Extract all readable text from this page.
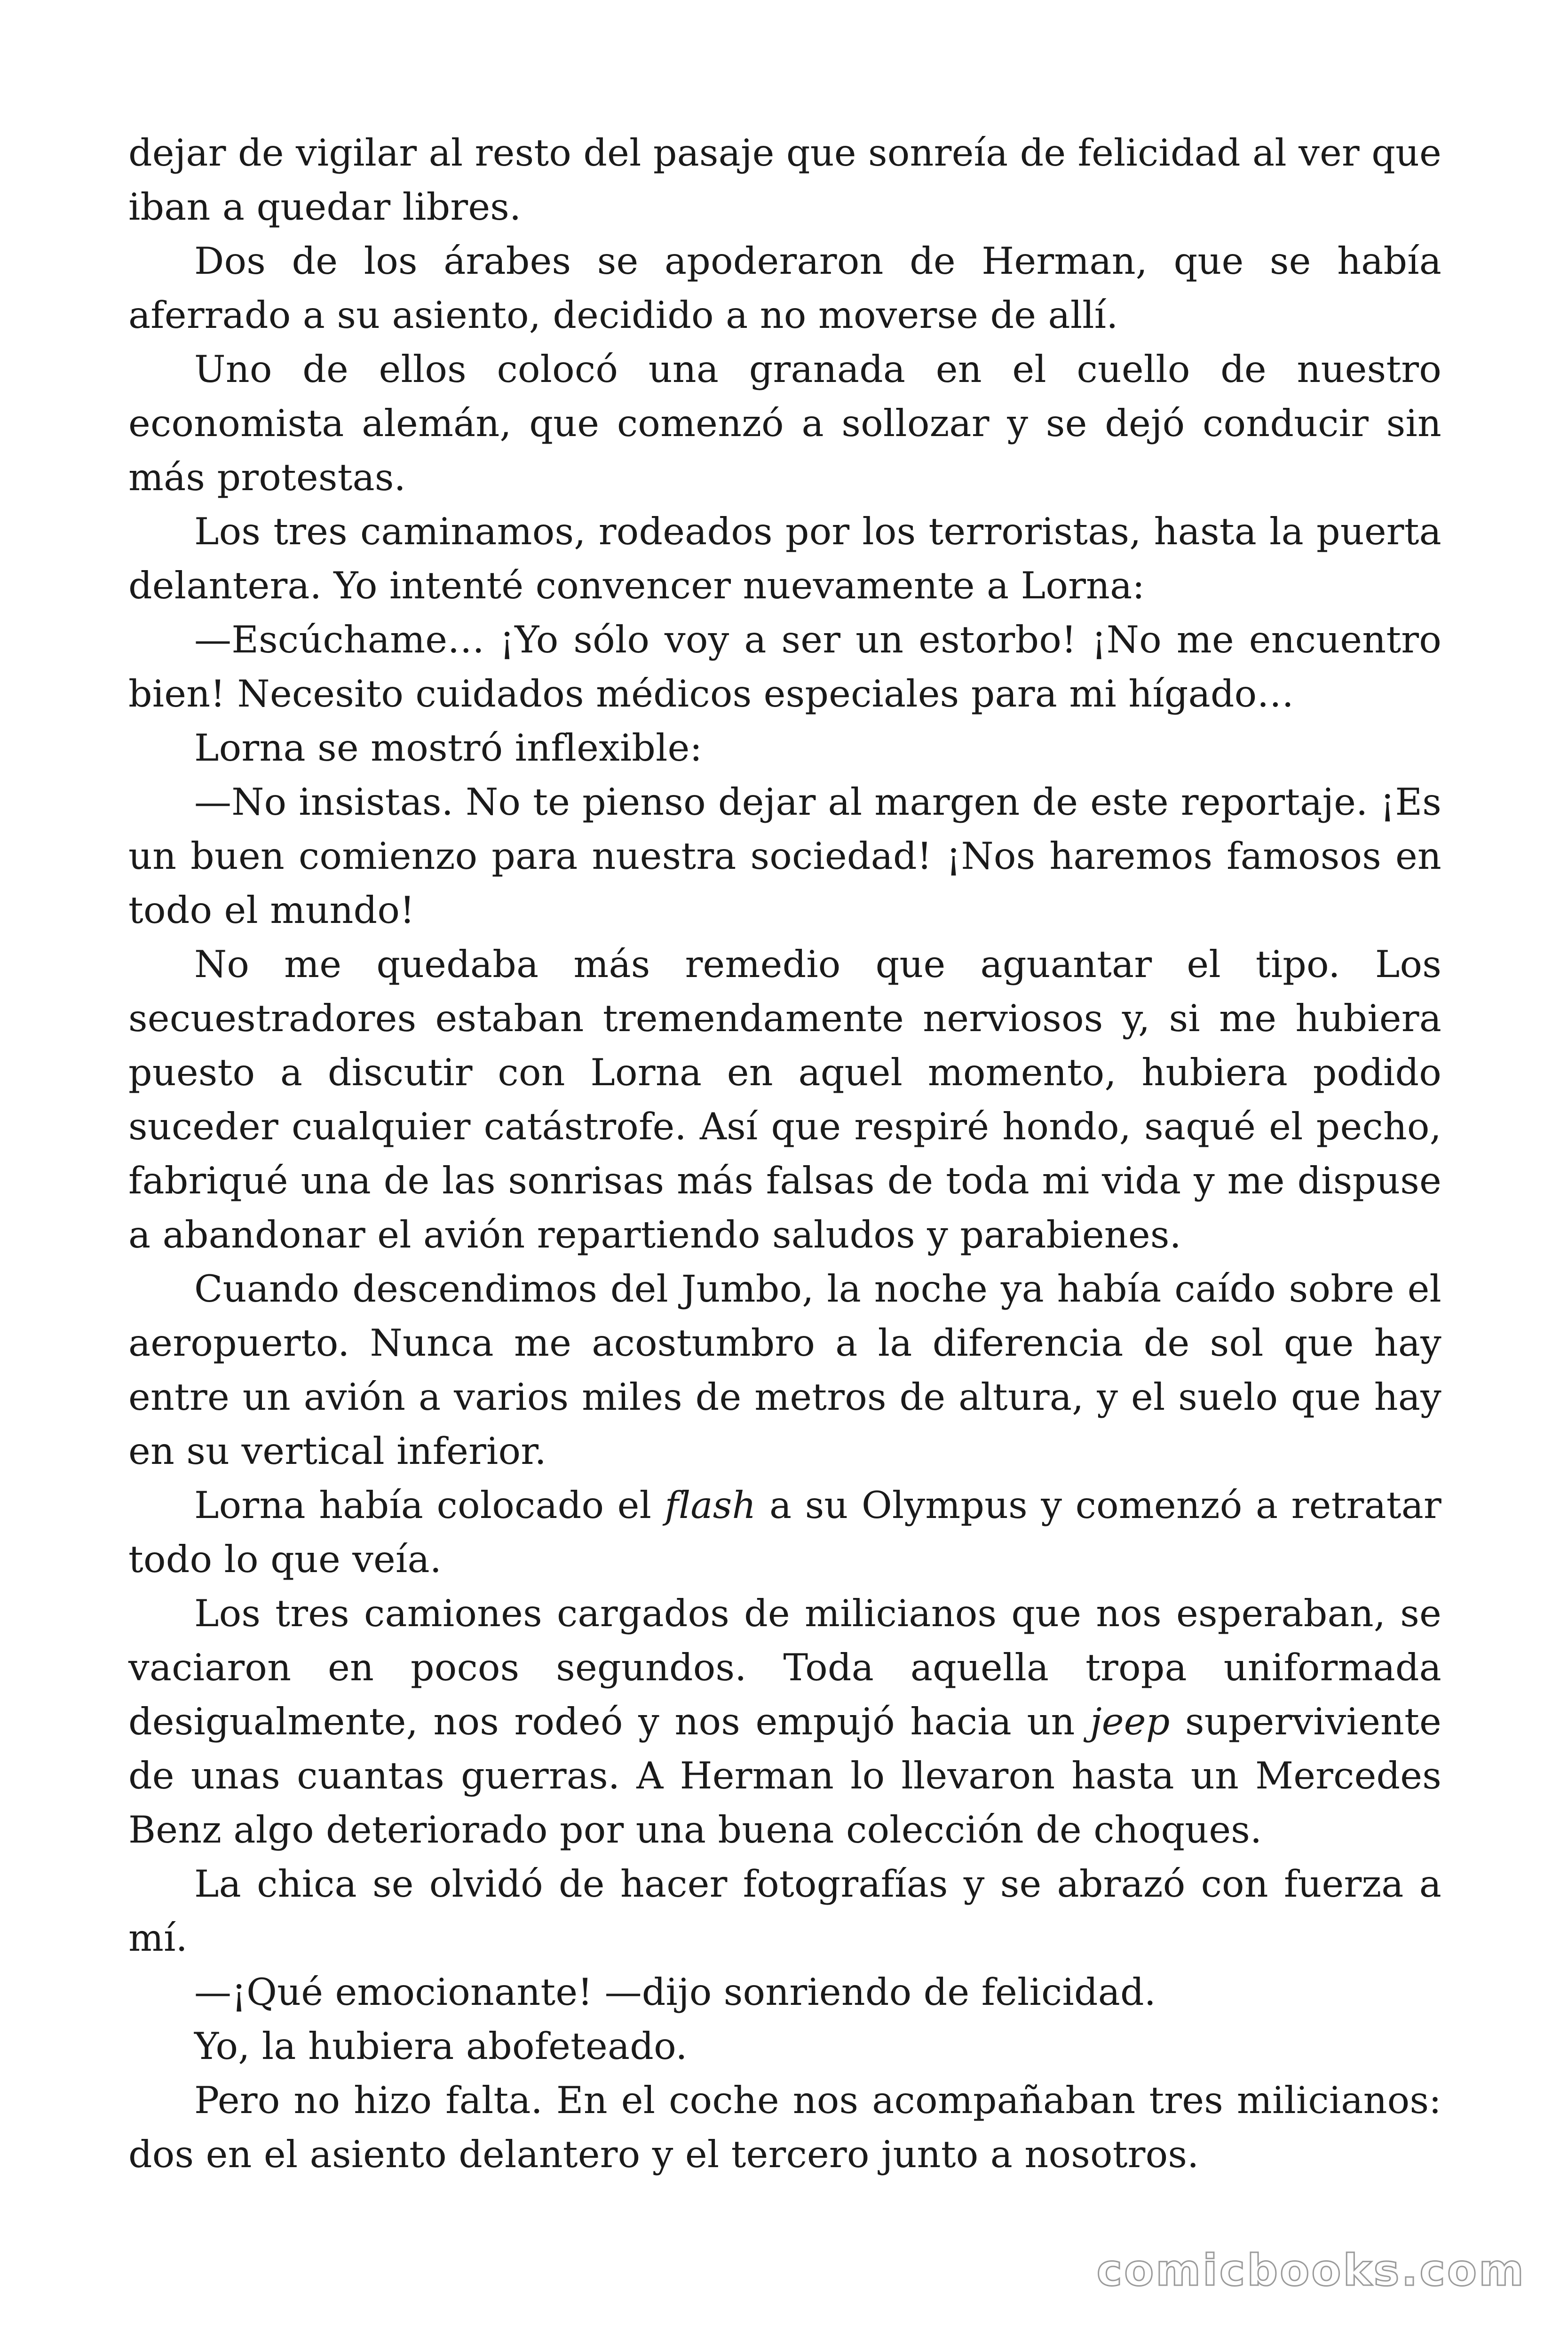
dejar de vigilar al resto del pasaje que sonreía de felicidad al ver que iban a quedar libres.

Dos de los árabes se apoderaron de Herman, que se había aferrado a su asiento, decidido a no moverse de allí.

Uno de ellos colocó una granada en el cuello de nuestro economista alemán, que comenzó a sollozar y se dejó conducir sin más protestas.

Los tres caminamos, rodeados por los terroristas, hasta la puerta delantera. Yo intenté convencer nuevamente a Lorna:

—Escúchame… ¡Yo sólo voy a ser un estorbo! ¡No me encuentro bien! Necesito cuidados médicos especiales para mi hígado…

Lorna se mostró inflexible:

—No insistas. No te pienso dejar al margen de este reportaje. ¡Es un buen comienzo para nuestra sociedad! ¡Nos haremos famosos en todo el mundo!

No me quedaba más remedio que aguantar el tipo. Los secuestradores estaban tremendamente nerviosos y, si me hubiera puesto a discutir con Lorna en aquel momento, hubiera podido suceder cualquier catástrofe. Así que respiré hondo, saqué el pecho, fabriqué una de las sonrisas más falsas de toda mi vida y me dispuse a abandonar el avión repartiendo saludos y parabienes.

Cuando descendimos del Jumbo, la noche ya había caído sobre el aeropuerto. Nunca me acostumbro a la diferencia de sol que hay entre un avión a varios miles de metros de altura, y el suelo que hay en su vertical inferior.

Lorna había colocado el flash a su Olympus y comenzó a retratar todo lo que veía.

Los tres camiones cargados de milicianos que nos esperaban, se vaciaron en pocos segundos. Toda aquella tropa uniformada desigualmente, nos rodeó y nos empujó hacia un jeep superviviente de unas cuantas guerras. A Herman lo llevaron hasta un Mercedes Benz algo deteriorado por una buena colección de choques.

La chica se olvidó de hacer fotografías y se abrazó con fuerza a mí.

—¡Qué emocionante! —dijo sonriendo de felicidad.

Yo, la hubiera abofeteado.

Pero no hizo falta. En el coche nos acompañaban tres milicianos: dos en el asiento delantero y el tercero junto a nosotros.

comicbooks.com
